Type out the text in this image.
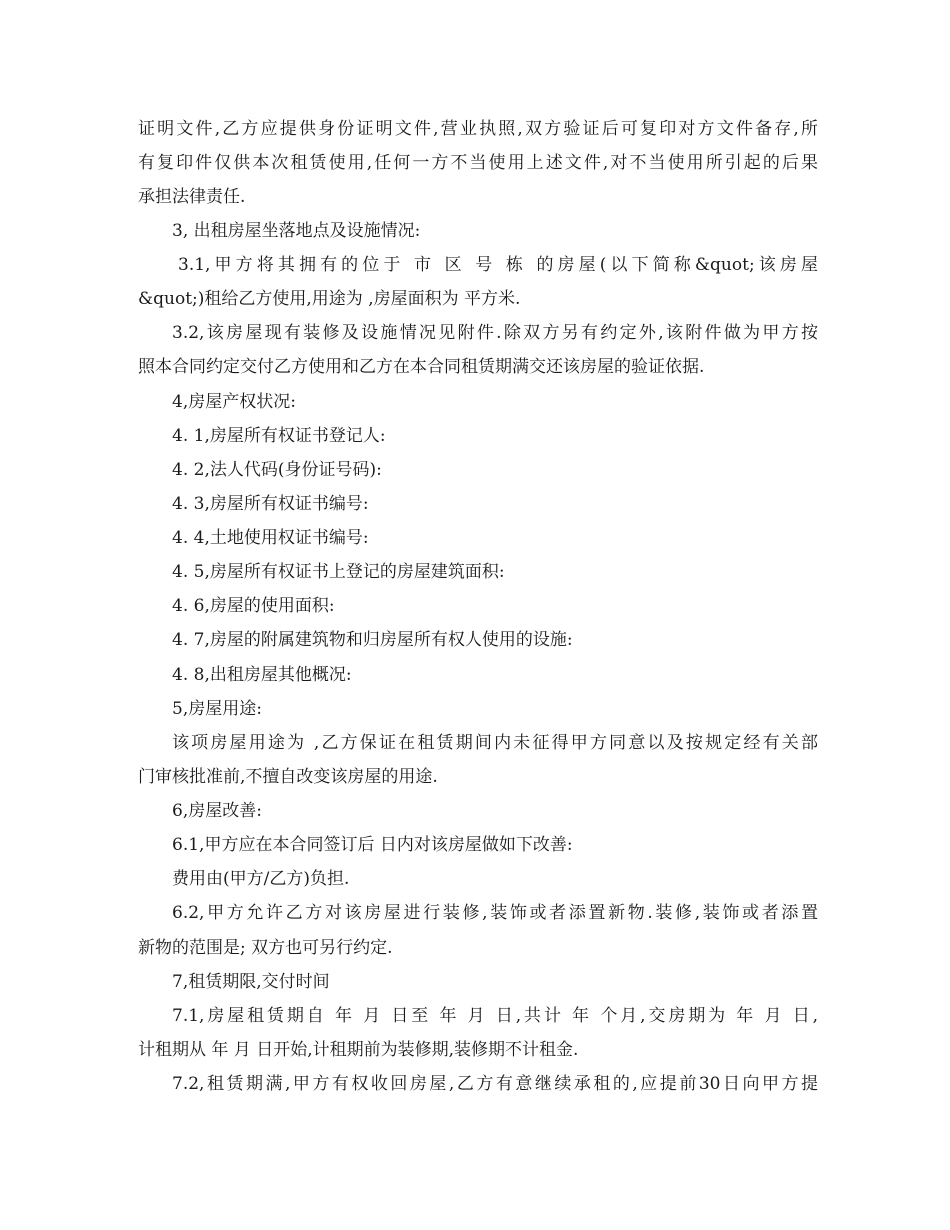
证明文件,乙方应提供身份证明文件,营业执照,双方验证后可复印对方文件备存,所
有复印件仅供本次租赁使用,任何一方不当使用上述文件,对不当使用所引起的后果
承担法律责任.
3, 出租房屋坐落地点及设施情况:
3.1,甲方将其拥有的位于 市 区 号 栋 的房屋(以下简称&quot;该房屋
&quot;)租给乙方使用,用途为 ,房屋面积为 平方米.
3.2,该房屋现有装修及设施情况见附件.除双方另有约定外,该附件做为甲方按
照本合同约定交付乙方使用和乙方在本合同租赁期满交还该房屋的验证依据.
4,房屋产权状况:
4. 1,房屋所有权证书登记人:
4. 2,法人代码(身份证号码):
4. 3,房屋所有权证书编号:
4. 4,土地使用权证书编号:
4. 5,房屋所有权证书上登记的房屋建筑面积:
4. 6,房屋的使用面积:
4. 7,房屋的附属建筑物和归房屋所有权人使用的设施:
4. 8,出租房屋其他概况:
5,房屋用途:
该项房屋用途为 ,乙方保证在租赁期间内未征得甲方同意以及按规定经有关部
门审核批准前,不擅自改变该房屋的用途.
6,房屋改善:
6.1,甲方应在本合同签订后 日内对该房屋做如下改善:
费用由(甲方/乙方)负担.
6.2,甲方允许乙方对该房屋进行装修,装饰或者添置新物.装修,装饰或者添置
新物的范围是; 双方也可另行约定.
7,租赁期限,交付时间
7.1,房屋租赁期自 年 月 日至 年 月 日,共计 年 个月,交房期为 年 月 日,
计租期从 年 月 日开始,计租期前为装修期,装修期不计租金.
7.2,租赁期满,甲方有权收回房屋,乙方有意继续承租的,应提前30日向甲方提
